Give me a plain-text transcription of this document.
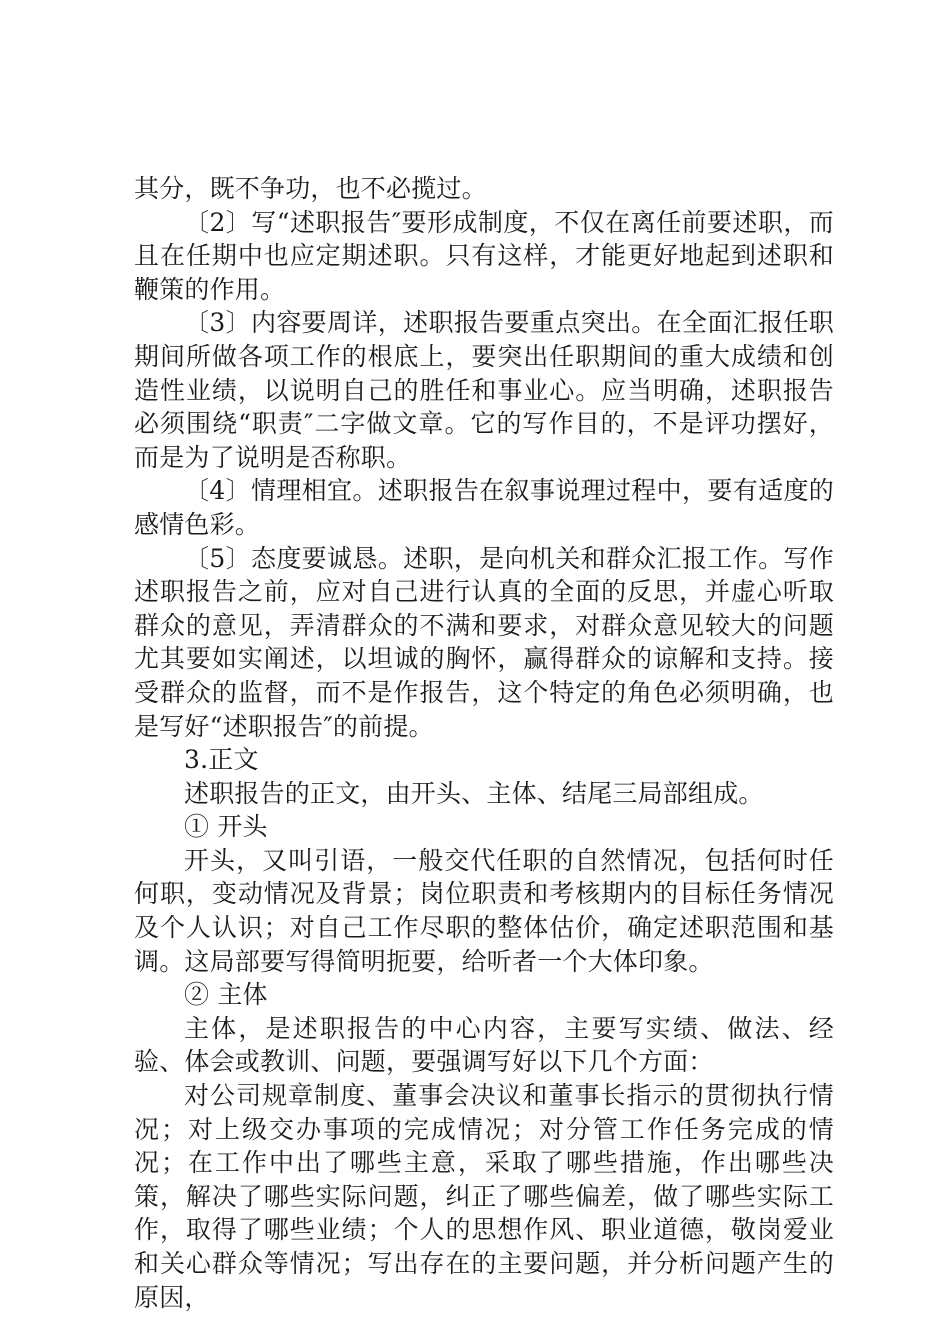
其分，既不争功，也不必揽过。

〔2〕写“述职报告″要形成制度，不仅在离任前要述职，而且在任期中也应定期述职。只有这样，才能更好地起到述职和鞭策的作用。

〔3〕内容要周详，述职报告要重点突出。在全面汇报任职期间所做各项工作的根底上，要突出任职期间的重大成绩和创造性业绩，以说明自己的胜任和事业心。应当明确，述职报告必须围绕“职责″二字做文章。它的写作目的，不是评功摆好，而是为了说明是否称职。

〔4〕情理相宜。述职报告在叙事说理过程中，要有适度的感情色彩。

〔5〕态度要诚恳。述职，是向机关和群众汇报工作。写作述职报告之前，应对自己进行认真的全面的反思，并虚心听取群众的意见，弄清群众的不满和要求，对群众意见较大的问题尤其要如实阐述，以坦诚的胸怀，赢得群众的谅解和支持。接受群众的监督，而不是作报告，这个特定的角色必须明确，也是写好“述职报告″的前提。

3.正文

述职报告的正文，由开头、主体、结尾三局部组成。

① 开头

开头，又叫引语，一般交代任职的自然情况，包括何时任何职，变动情况及背景；岗位职责和考核期内的目标任务情况及个人认识；对自己工作尽职的整体估价，确定述职范围和基调。这局部要写得简明扼要，给听者一个大体印象。

② 主体

主体，是述职报告的中心内容，主要写实绩、做法、经验、体会或教训、问题，要强调写好以下几个方面：

对公司规章制度、董事会决议和董事长指示的贯彻执行情况；对上级交办事项的完成情况；对分管工作任务完成的情况；在工作中出了哪些主意，采取了哪些措施，作出哪些决策，解决了哪些实际问题，纠正了哪些偏差，做了哪些实际工作，取得了哪些业绩；个人的思想作风、职业道德，敬岗爱业和关心群众等情况；写出存在的主要问题，并分析问题产生的原因，
